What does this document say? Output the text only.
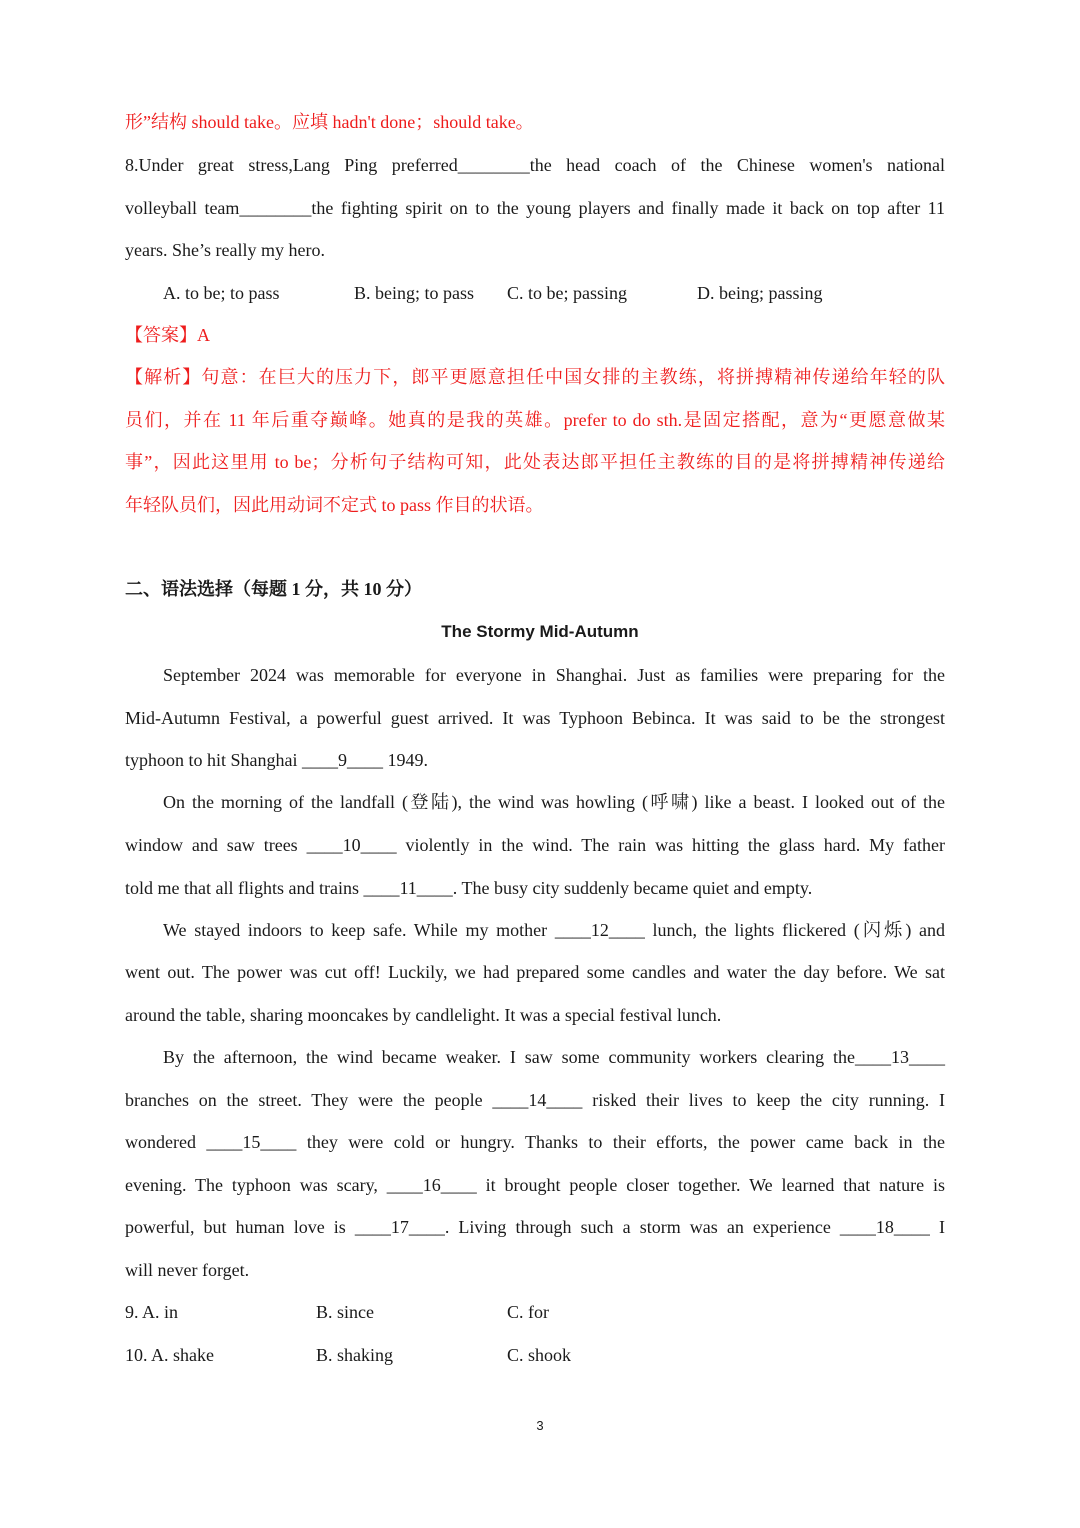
形”结构 should take。应填 hadn't done；should take。
8.Under great stress,Lang Ping preferred________the head coach of the Chinese women's national
volleyball team________the fighting spirit on to the young players and finally made it back on top after 11
years. She’s really my hero.
A. to be; to pass	B. being; to pass C. to be; passing	D. being; passing
【答案】A
【解析】句意：在巨大的压力下，郎平更愿意担任中国女排的主教练，将拼搏精神传递给年轻的队
员们，并在 11 年后重夺巅峰。她真的是我的英雄。prefer to do sth.是固定搭配，意为“更愿意做某
事”，因此这里用 to be；分析句子结构可知，此处表达郎平担任主教练的目的是将拼搏精神传递给
年轻队员们，因此用动词不定式 to pass 作目的状语。
二、语法选择（每题 1 分，共 10 分）
The Stormy Mid-Autumn
September 2024 was memorable for everyone in Shanghai. Just as families were preparing for the
Mid-Autumn Festival, a powerful guest arrived. It was Typhoon Bebinca. It was said to be the strongest
typhoon to hit Shanghai ____9____ 1949.
On the morning of the landfall (登陆), the wind was howling (呼啸) like a beast. I looked out of the
window and saw trees ____10____ violently in the wind. The rain was hitting the glass hard. My father
told me that all flights and trains ____11____. The busy city suddenly became quiet and empty.
We stayed indoors to keep safe. While my mother ____12____ lunch, the lights flickered (闪烁) and
went out. The power was cut off! Luckily, we had prepared some candles and water the day before. We sat
around the table, sharing mooncakes by candlelight. It was a special festival lunch.
By the afternoon, the wind became weaker. I saw some community workers clearing the____13____
branches on the street. They were the people ____14____ risked their lives to keep the city running. I
wondered ____15____ they were cold or hungry. Thanks to their efforts, the power came back in the
evening. The typhoon was scary, ____16____ it brought people closer together. We learned that nature is
powerful, but human love is ____17____. Living through such a storm was an experience ____18____ I
will never forget.
9. A. in	B. since	C. for
10. A. shake	B. shaking	C. shook
3
